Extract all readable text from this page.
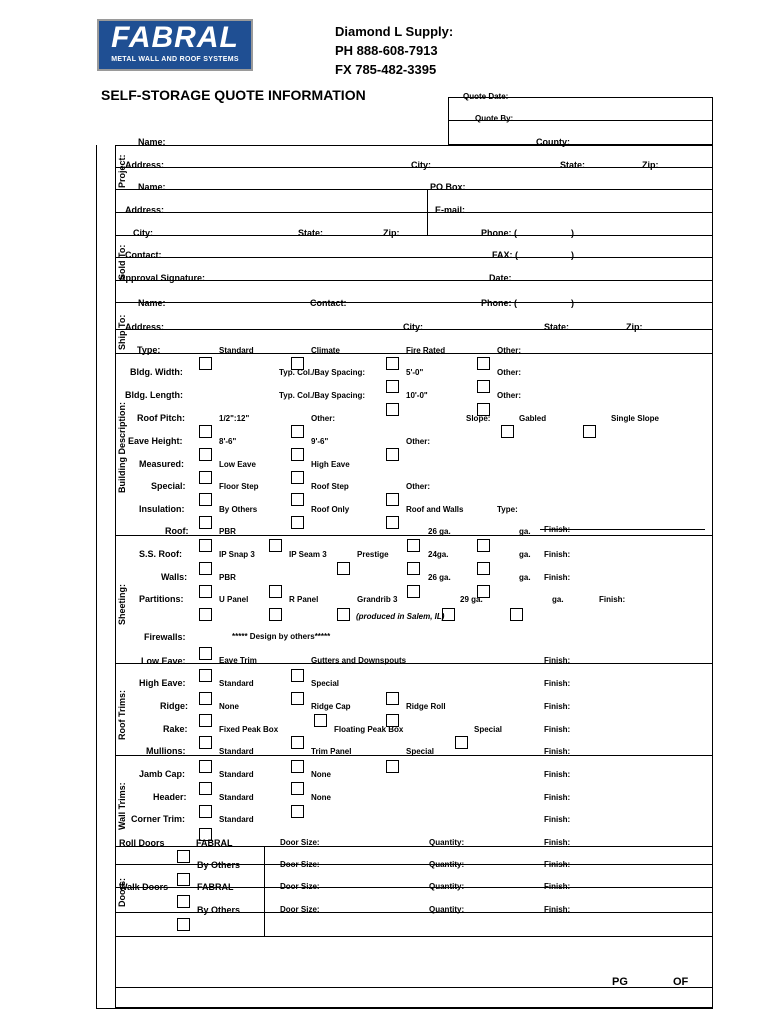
FABRAL
METAL WALL AND ROOF SYSTEMS
Diamond L Supply:
PH 888-608-7913
FX 785-482-3395
SELF-STORAGE QUOTE INFORMATION	Quote Date:
Quote By:
Project:
Sold To:
Ship To:
Building Description:
Sheeting:
Roof Trims:
Wall Trims:
Doors:
Name:	County:
Address:	City:	State:	Zip:
Name:	PO Box:
Address:	E-mail:
City:	State:	Zip:	Phone: (	)
Contact:	FAX: (	)
Approval Signature:	Date:
Name:	Contact:	Phone: (	)
Address:	City:	State:	Zip:
Type:	Standard	Climate	Fire Rated	Other:
Bldg. Width:	Typ. Col./Bay Spacing:	5'-0"	Other:
Bldg. Length:	Typ. Col./Bay Spacing:	10'-0"	Other:
Roof Pitch:	1/2":12"	Other:	Slope:	Gabled	Single Slope
Eave Height:	8'-6"	9'-6"	Other:
Measured:	Low Eave	High Eave
Special:	Floor Step	Roof Step	Other:
Insulation:	By Others	Roof Only	Roof and Walls	Type:
Roof:	PBR	26 ga.	ga. Finish:
S.S. Roof:	IP Snap 3	IP Seam 3	Prestige	24ga.	ga. Finish:
Walls:	PBR	26 ga.	ga. Finish:
Partitions:	U Panel	R Panel	Grandrib 3	29 ga.	ga.	Finish:
(produced in Salem, IL)
Firewalls:	***** Design by others*****
Low Eave:	Eave Trim	Gutters and Downspouts	Finish:
High Eave:	Standard	Special	Finish:
Ridge:	None	Ridge Cap	Ridge Roll	Finish:
Rake:	Fixed Peak Box	Floating Peak Box	Special	Finish:
Mullions:	Standard	Trim Panel	Special	Finish:
Jamb Cap:	Standard	None	Finish:
Header:	Standard	None	Finish:
Corner Trim:	Standard	Finish:
Roll Doors	FABRAL	Door Size:	Quantity:	Finish:
By Others	Door Size:	Quantity:	Finish:
Walk Doors	FABRAL	Door Size:	Quantity:	Finish:
By Others	Door Size:	Quantity:	Finish:
PG	OF
